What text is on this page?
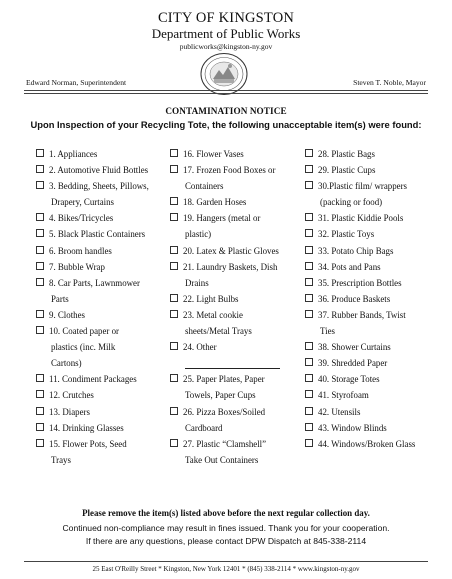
CITY OF KINGSTON
Department of Public Works
publicworks@kingston-ny.gov
Edward Norman, Superintendent	Steven T. Noble, Mayor
CONTAMINATION NOTICE
Upon Inspection of your Recycling Tote, the following unacceptable item(s) were found:
1. Appliances
2. Automotive Fluid Bottles
3. Bedding, Sheets, Pillows,
Drapery, Curtains
4. Bikes/Tricycles
5. Black Plastic Containers
6. Broom handles
7. Bubble Wrap
8. Car Parts, Lawnmower
Parts
9. Clothes
10. Coated paper or
plastics (inc. Milk
Cartons)
11. Condiment Packages
12. Crutches
13. Diapers
14. Drinking Glasses
15. Flower Pots, Seed
Trays
16. Flower Vases
17. Frozen Food Boxes or
Containers
18. Garden Hoses
19. Hangers (metal or
plastic)
20. Latex & Plastic Gloves
21. Laundry Baskets, Dish
Drains
22. Light Bulbs
23. Metal cookie
sheets/Metal Trays
24. Other
25. Paper Plates, Paper
Towels, Paper Cups
26. Pizza Boxes/Soiled
Cardboard
27. Plastic “Clamshell”
Take Out Containers
28. Plastic Bags
29. Plastic Cups
30.Plastic film/ wrappers
(packing or food)
31. Plastic Kiddie Pools
32. Plastic Toys
33. Potato Chip Bags
34. Pots and Pans
35. Prescription Bottles
36. Produce Baskets
37. Rubber Bands, Twist
Ties
38. Shower Curtains
39. Shredded Paper
40. Storage Totes
41. Styrofoam
42. Utensils
43. Window Blinds
44. Windows/Broken Glass
Please remove the item(s) listed above before the next regular collection day.
Continued non-compliance may result in fines issued. Thank you for your cooperation.
If there are any questions, please contact DPW Dispatch at 845-338-2114
25 East O'Reilly Street * Kingston, New York 12401 * (845) 338-2114 * www.kingston-ny.gov
